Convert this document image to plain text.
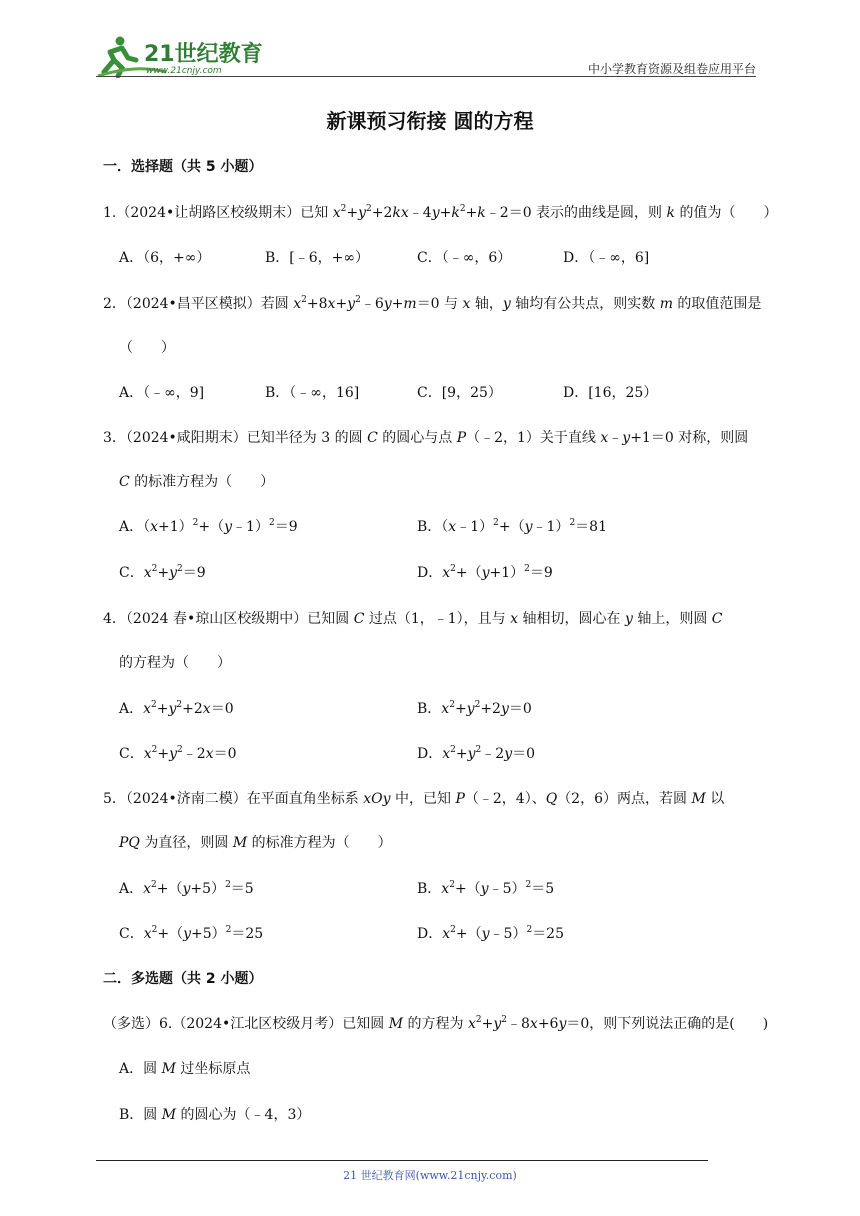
21世纪教育
www.21cnjy.com	中小学教育资源及组卷应用平台
新课预习衔接 圆的方程
一．选择题（共 5 小题）
1.（2024•让胡路区校级期末）已知 $x^2+y^2+2kx﹣4y+k^2+k﹣2=0$ 表示的曲线是圆，则 k 的值为（　　）
A．（6，+∞）	B．[﹣6，+∞）	C．（﹣∞，6）	D．（﹣∞，6]
2．（2024•昌平区模拟）若圆 $x^2+8x+y^2﹣6y+m=0$ 与 x 轴，y 轴均有公共点，则实数 m 的取值范围是
（　　）
A．（﹣∞，9]	B．（﹣∞，16]	C．[9，25）	D．[16，25）
3．（2024•咸阳期末）已知半径为 3 的圆 C 的圆心与点 P（﹣2，1）关于直线 x﹣y+1＝0 对称，则圆
C 的标准方程为（　　）
A．$(x+1)^2+(y﹣1)^2=9$	B．（x﹣1）$^2$+（y﹣1）$^2$＝81
C．$x^2+y^2=9$	D．$x^2+(y+1)^2=9$
4．（2024 春•琼山区校级期中）已知圆 C 过点（1，﹣1），且与 x 轴相切，圆心在 y 轴上，则圆 C
的方程为（　　）
A．$x^2+y^2+2x=0$	B．$x^2+y^2+2y=0$
C．$x^2+y^2﹣2x=0$	D．$x^2+y^2﹣2y=0$
5．（2024•济南二模）在平面直角坐标系 xOy 中，已知 P（﹣2，4）、Q（2，6）两点，若圆 M 以
PQ 为直径，则圆 M 的标准方程为（　　）
A．$x^2+(y+5)^2=5$	B．$x^2+(y﹣5)^2=5$
C．$x^2+(y+5)^2=25$	D．$x^2+(y﹣5)^2=25$
二．多选题（共 2 小题）
（多选）6.（2024•江北区校级月考）已知圆 M 的方程为 $x^2+y^2﹣8x+6y=0$，则下列说法正确的是(　　)
A．圆 M 过坐标原点
B．圆 M 的圆心为（﹣4，3）
21 世纪教育网(www.21cnjy.com)
